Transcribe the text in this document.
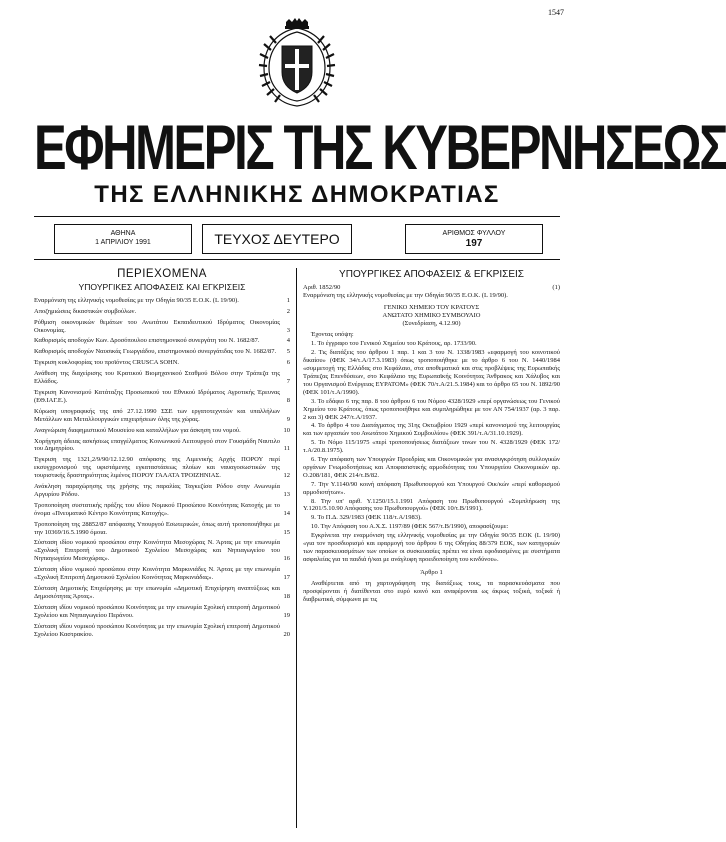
1547
ΕΦΗΜΕΡΙΣ ΤΗΣ ΚΥΒΕΡΝΗΣΕΩΣ
ΤΗΣ ΕΛΛΗΝΙΚΗΣ ΔΗΜΟΚΡΑΤΙΑΣ
ΑΘΗΝΑ
1 ΑΠΡΙΛΙΟΥ 1991	ΤΕΥΧΟΣ ΔΕΥΤΕΡΟ	ΑΡΙΘΜΟΣ ΦΥΛΛΟΥ
197
ΠΕΡΙΕΧΟΜΕΝΑ
ΥΠΟΥΡΓΙΚΕΣ ΑΠΟΦΑΣΕΙΣ ΚΑΙ ΕΓΚΡΙΣΕΙΣ
Εναρμόνιση της ελληνικής νομοθεσίας με την Οδηγία 90/35 Ε.Ο.Κ. (L 19/90).	1
Αποζημιώσεις δικαστικών συμβούλων.	2
Ρύθμιση οικονομικών θεμάτων του Ανωτάτου Εκπαιδευτικού Ιδρύματος Οικονομίας Οικονομίας.	3
Καθορισμός αποδοχών Κων. Δροσόπουλου επιστημονικού συνεργάτη του Ν. 1682/87.	4
Καθορισμός αποδοχών Ναυσικάς Γεωργιάδου, επιστημονικού συνεργάτιδας του Ν. 1682/87.	5
Έγκριση κυκλοφορίας του προϊόντος CRUSCA SOHN.	6
Ανάθεση της διαχείρισης του Κρατικού Βιομηχανικού Σταθμού Βόλου στην Τράπεζα της Ελλάδος.	7
Έγκριση Κανονισμού Κατάταξης Προσωπικού του Εθνικού Ιδρύματος Αγροτικής Έρευνας (ΕΘ.ΙΑΓ.Ε.).	8
Κύρωση υπογραφικής της από 27.12.1990 ΣΣΕ των εργατοτεχνιτών και υπαλλήλων Μετάλλων και Μεταλλουργικών επιχειρήσεων όλης της χώρας.	9
Αναγνώριση διαφημιστικού Μουσείου και καταλλήλων για άσκηση του νομού.	10
Χορήγηση άδειας ασκήσεως επαγγέλματος Κοινωνικού Λειτουργού στον Γουσμάδη Ναυτιλο του Δημητρίου.	11
Έγκριση της 1321,2/9/90/12.12.90 απόφασης της Λιμενικής Αρχής ΠΟΡΟΥ περί εκσυγχρονισμού της υφιστάμενης εγκαταστάσεως πλοίων και ναυαγοσωστικών της τουριστικής δραστηριότητας λιμένος ΠΟΡΟΥ ΓΑΛΑΤΑ ΤΡΟΙΖΗΝΙΑΣ.	12
Ανάκληση παραχώρησης της χρήσης της παραλίας Ταγκεζίσα Ρόδου στην Ανωνυμία Αργυρίου Ρόδου.	13
Τροποποίηση συστατικής πράξης του ιδίου Νομικού Προσώπου Κοινότητας Κατοχής με το όνομα «Πνευματικό Κέντρο Κοινότητας Κατοχής».	14
Τροποποίηση της 28852/87 απόφασης Υπουργού Εσωτερικών, όπως αυτή τροποποιήθηκε με την 10369/16.5.1990 όμοια.	15
Σύσταση ιδίου νομικού προσώπου στην Κοινότητα Μεσοχώρας Ν. Άρτας με την επωνυμία «Σχολική Επιτροπή του Δημοτικού Σχολείου Μεσοχώρας και Νηπιαγωγείου του Νηπιαγωγείου Μεσοχώρας».	16
Σύσταση ιδίου νομικού προσώπου στην Κοινότητα Μαρκινιάδες Ν. Άρτας με την επωνυμία «Σχολική Επιτροπή Δημοτικού Σχολείου Κοινότητας Μαρκινιάδας».	17
Σύσταση Δημοτικής Επιχείρησης με την επωνυμία «Δημοτική Επιχείρηση αναπτύξεως και Δημοσιότητας Άρτας».	18
Σύσταση ιδίου νομικού προσώπου Κοινότητας με την επωνυμία Σχολική επιτροπή Δημοτικού Σχολείου και Νηπιαγωγείου Περάνου.	19
Σύσταση ιδίου νομικού προσώπου Κοινότητας με την επωνυμία Σχολική επιτροπή Δημοτικού Σχολείου Καστρακίου.	20
ΥΠΟΥΡΓΙΚΕΣ ΑΠΟΦΑΣΕΙΣ & ΕΓΚΡΙΣΕΙΣ
Αριθ. 1852/90	(1)
Εναρμόνιση της ελληνικής νομοθεσίας με την Οδηγία 90/35 Ε.Ο.Κ. (L 19/90).
ΓΕΝΙΚΟ ΧΗΜΕΙΟ ΤΟΥ ΚΡΑΤΟΥΣ
ΑΝΩΤΑΤΟ ΧΗΜΙΚΟ ΣΥΜΒΟΥΛΙΟ
(Συνεδρίαση, 4.12.90)
Έχοντας υπόψη:
1. Το έγγραφο του Γενικού Χημείου του Κράτους, αρ. 1733/90.
2. Τις διατάξεις του άρθρου 1 παρ. 1 και 3 του Ν. 1338/1983 «εφαρμογή του κοινοτικού δικαίου» (ΦΕΚ 34/τ.Α/17.3.1983) όπως τροποποιήθηκε με το άρθρο 6 του Ν. 1440/1984 «συμμετοχή της Ελλάδας στο Κεφάλαιο, στα αποθεματικά και στις προβλέψεις της Ευρωπαϊκής Τράπεζας Επενδύσεων, στο Κεφάλαιο της Ευρωπαϊκής Κοινότητας Άνθρακος και Χάλυβος και του Οργανισμού Ενέργειας ΕΥΡΑΤΟΜ» (ΦΕΚ 70/τ.Α/21.5.1984) και το άρθρο 65 του Ν. 1892/90 (ΦΕΚ 101/τ.Α/1990).
3. Το εδάφιο 6 της παρ. 8 του άρθρου 6 του Νόμου 4328/1929 «περί οργανώσεως του Γενικού Χημείου του Κράτους, όπως τροποποιήθηκε και συμπληρώθηκε με τον ΑΝ 754/1937 (αρ. 3 παρ. 2 και 3) ΦΕΚ 247/τ.Α/1937.
4. Το άρθρο 4 του Διατάγματος της 31ης Οκτωβρίου 1929 «περί κανονισμού της λειτουργίας και των εργασιών του Ανωτάτου Χημικού Συμβουλίου» (ΦΕΚ 391/τ.Α/31.10.1929).
5. Το Νόμο 115/1975 «περί τροποποιήσεως διατάξεων τινων του Ν. 4328/1929 (ΦΕΚ 172/τ.Α/20.8.1975).
6. Την απόφαση των Υπουργών Προεδρίας και Οικονομικών για ανασυγκρότηση συλλογικών οργάνων Γνωμοδοτήσεως και Αποφασιστικής αρμοδιότητας του Υπουργείου Οικονομικών αρ. Ο.208/181, ΦΕΚ 214/τ.Β/82.
7. Την Υ.1140/90 κοινή απόφαση Πρωθυπουργού και Υπουργού Οικ/κών «περί καθορισμού αρμοδιοτήτων».
8. Την υπ' αριθ. Υ.1250/15.1.1991 Απόφαση του Πρωθυπουργού «Συμπλήρωση της Υ.1201/5.10.90 Απόφασης του Πρωθυπουργού» (ΦΕΚ 10/τ.Β/1991).
9. Το Π.Δ. 329/1983 (ΦΕΚ 118/τ.Α/1983).
10. Την Απόφαση του Α.Χ.Σ. 1197/89 (ΦΕΚ 567/τ.Β/1990), αποφασίζουμε:
Εγκρίνεται την εναρμόνιση της ελληνικής νομοθεσίας με την Οδηγία 90/35 ΕΟΚ (L 19/90) «για τον προσδιορισμό και εφαρμογή του άρθρου 6 της Οδηγίας 88/379 ΕΟΚ, των κατηγοριών των παρασκευασμάτων των οποίων οι συσκευασίες πρέπει να είναι εφοδιασμένες με συστήματα ασφαλείας για τα παιδιά ή/και με ανάγλυφη προειδοποίηση του κινδύνου».
Άρθρο 1
Αναθέρτεται από τη χαρτογράφηση της διατάξεως τους, τα παρασκευάσματα που προσφέρονται ή διατίθενται στο ευρύ κοινό και αναφέρονται ως άκρως τοξικά, τοξικά ή διαβρωτικά, σύμφωνα με τις
